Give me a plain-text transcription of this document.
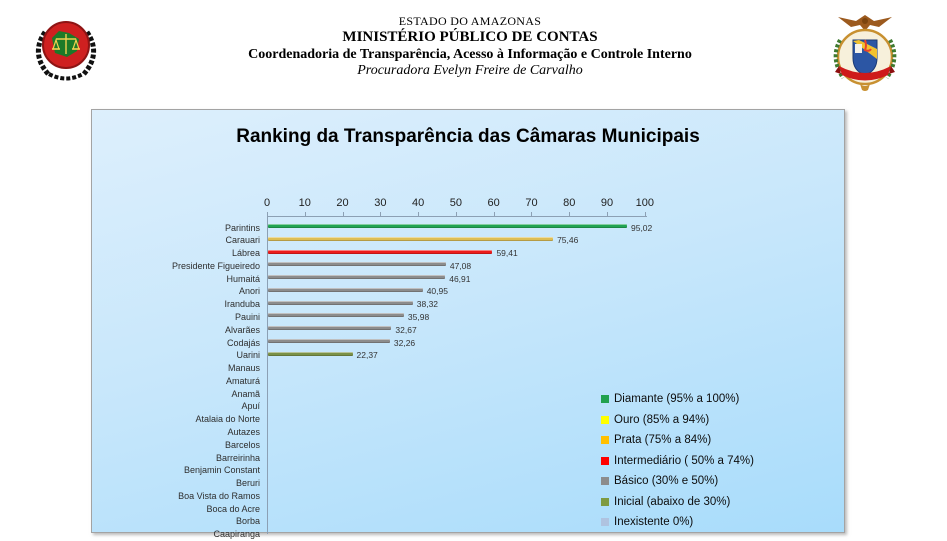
ESTADO DO AMAZONAS
MINISTÉRIO PÚBLICO DE CONTAS
Coordenadoria de Transparência, Acesso à Informação e Controle Interno
Procuradora Evelyn Freire de Carvalho
Ranking da Transparência das Câmaras Municipais
0	10	20	30	40	50	60	70	80	90	100
Parintins	95,02
Carauari	75,46
Lábrea	59,41
Presidente Figueiredo	47,08
Humaitá	46,91
Anori	40,95
Iranduba	38,32
Pauini	35,98
Alvarães	32,67
Codajás	32,26
Uarini	22,37
Manaus
Amaturá
Anamã
Apuí
Atalaia do Norte
Autazes
Barcelos
Barreirinha
Benjamin Constant
Beruri
Boa Vista do Ramos
Boca do Acre
Borba
Caapiranga
Diamante (95% a 100%)
Ouro (85% a 94%)
Prata (75% a 84%)
Intermediário ( 50% a 74%)
Básico (30% e 50%)
Inicial (abaixo de 30%)
Inexistente 0%)
